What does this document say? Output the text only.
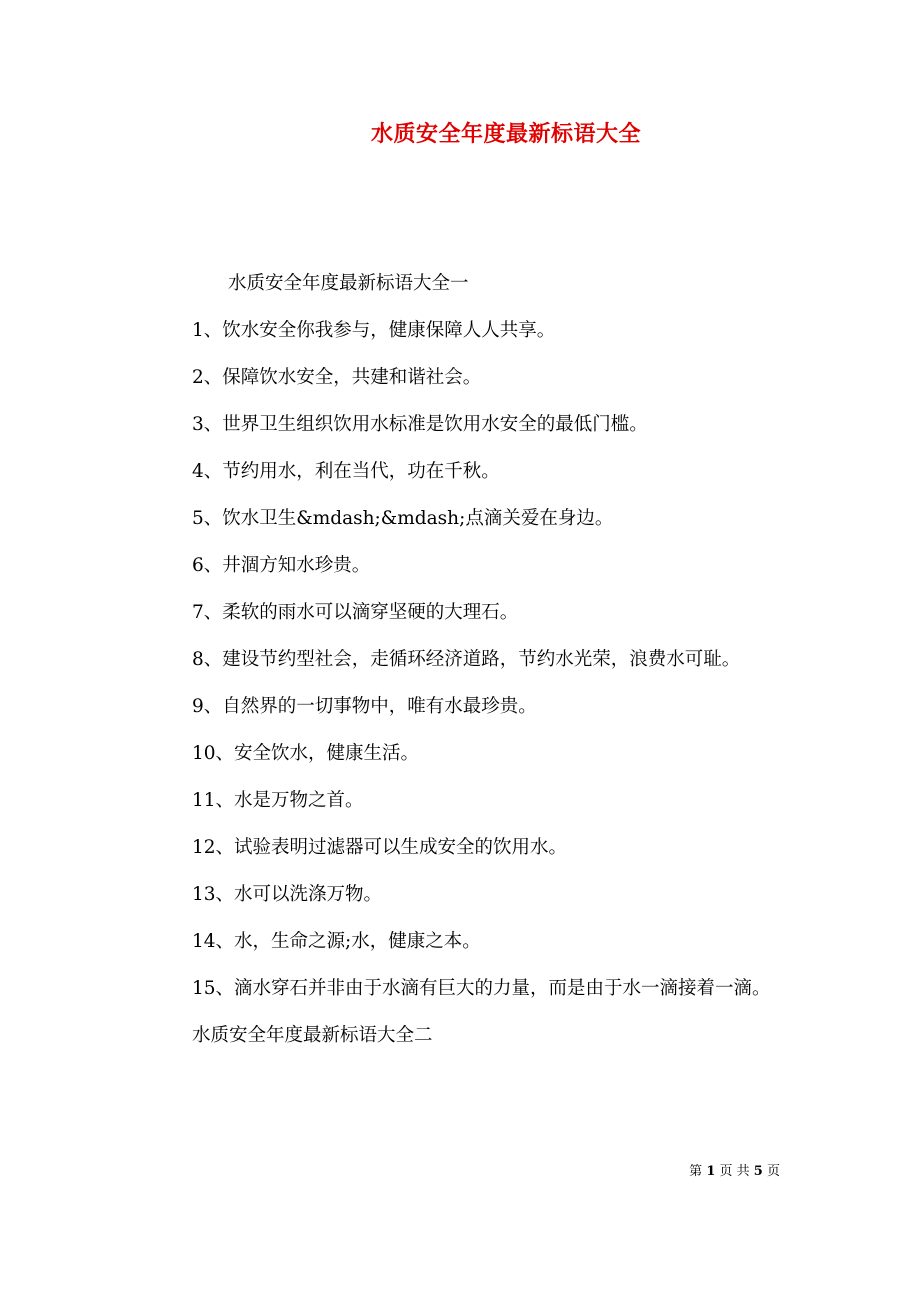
水质安全年度最新标语大全

水质安全年度最新标语大全一

1、饮水安全你我参与，健康保障人人共享。

2、保障饮水安全，共建和谐社会。

3、世界卫生组织饮用水标准是饮用水安全的最低门槛。

4、节约用水，利在当代，功在千秋。

5、饮水卫生&mdash;&mdash;点滴关爱在身边。

6、井涸方知水珍贵。

7、柔软的雨水可以滴穿坚硬的大理石。

8、建设节约型社会，走循环经济道路，节约水光荣，浪费水可耻。

9、自然界的一切事物中，唯有水最珍贵。

10、安全饮水，健康生活。

11、水是万物之首。

12、试验表明过滤器可以生成安全的饮用水。

13、水可以洗涤万物。

14、水，生命之源;水，健康之本。

15、滴水穿石并非由于水滴有巨大的力量，而是由于水一滴接着一滴。

水质安全年度最新标语大全二

第 1 页 共 5 页
